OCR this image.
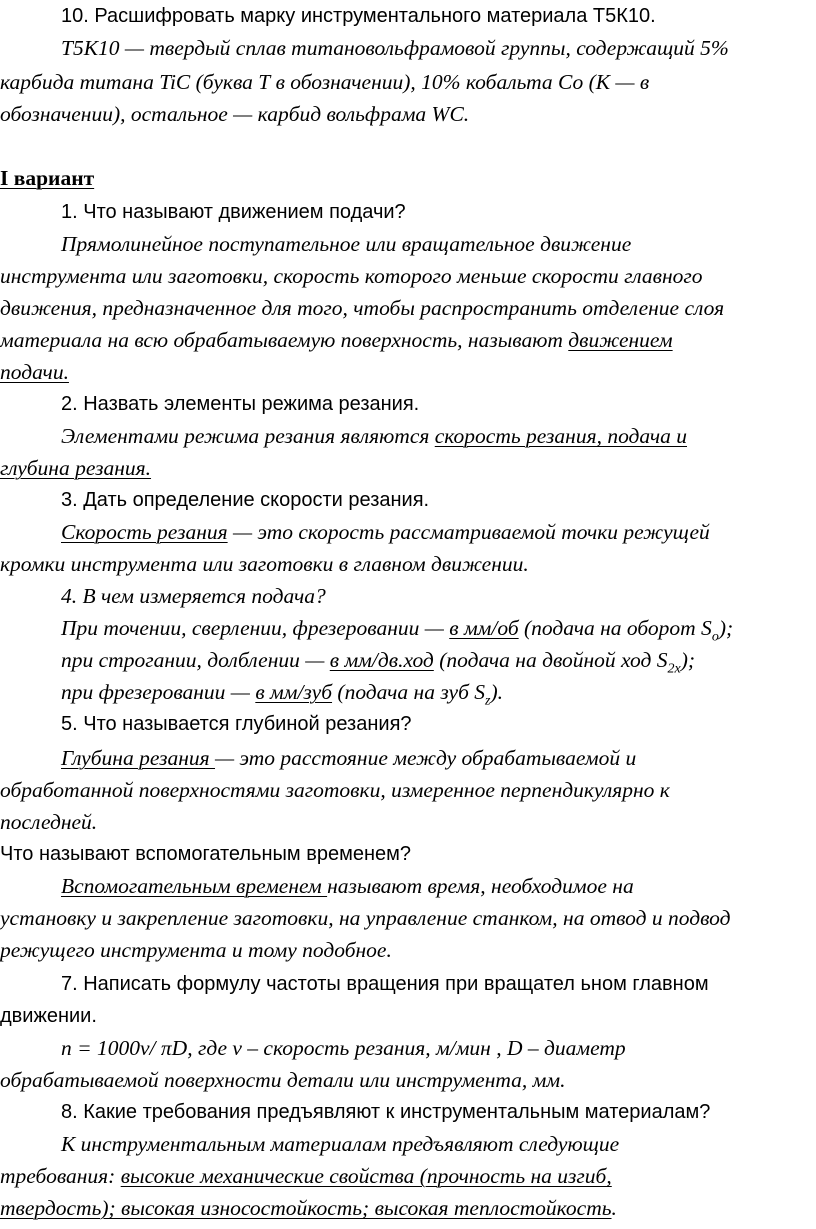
10. Расшифровать марку инструментального материала Т5К10.
Т5К10 — твердый сплав титановольфрамовой группы, содержащий 5%
карбида титана TiC (буква Т в обозначении), 10% кобальта Со (К — в
обозначении), остальное — карбид вольфрама WC.
I вариант
1. Что называют движением подачи?
Прямолинейное поступательное или вращательное движение
инструмента или заготовки, скорость которого меньше скорости главного
движения, предназначенное для того, чтобы распространить отделение слоя
материала на всю обрабатываемую поверхность, называют движением
подачи.
2. Назвать элементы режима резания.
Элементами режима резания являются скорость резания, подача и
глубина резания.
3. Дать определение скорости резания.
Скорость резания — это скорость рассматриваемой точки режущей
кромки инструмента или заготовки в главном движении.
4. В чем измеряется подача?
При точении, сверлении, фрезеровании — в мм/об (подача на оборот $S_о$);
при строгании, долблении — в мм/дв.ход (подача на двойной ход $S_{2х}$);
при фрезеровании — в мм/зуб (подача на зуб $S_z$).
5. Что называется глубиной резания?
Глубина резания — это расстояние между обрабатываемой и
обработанной поверхностями заготовки, измеренное перпендикулярно к
последней.
Что называют вспомогательным временем?
Вспомогательным временем называют время, необходимое на
установку и закрепление заготовки, на управление станком, на отвод и подвод
режущего инструмента и тому подобное.
7. Написать формулу частоты вращения при вращател ьном главном
движении.
n = 1000v/ πD, где v – скорость резания, м/мин , D – диаметр
обрабатываемой поверхности детали или инструмента, мм.
8. Какие требования предъявляют к инструментальным материалам?
К инструментальным материалам предъявляют следующие
требования: высокие механические свойства (прочность на изгиб,
твердость); высокая износостойкость; высокая теплостойкость.
